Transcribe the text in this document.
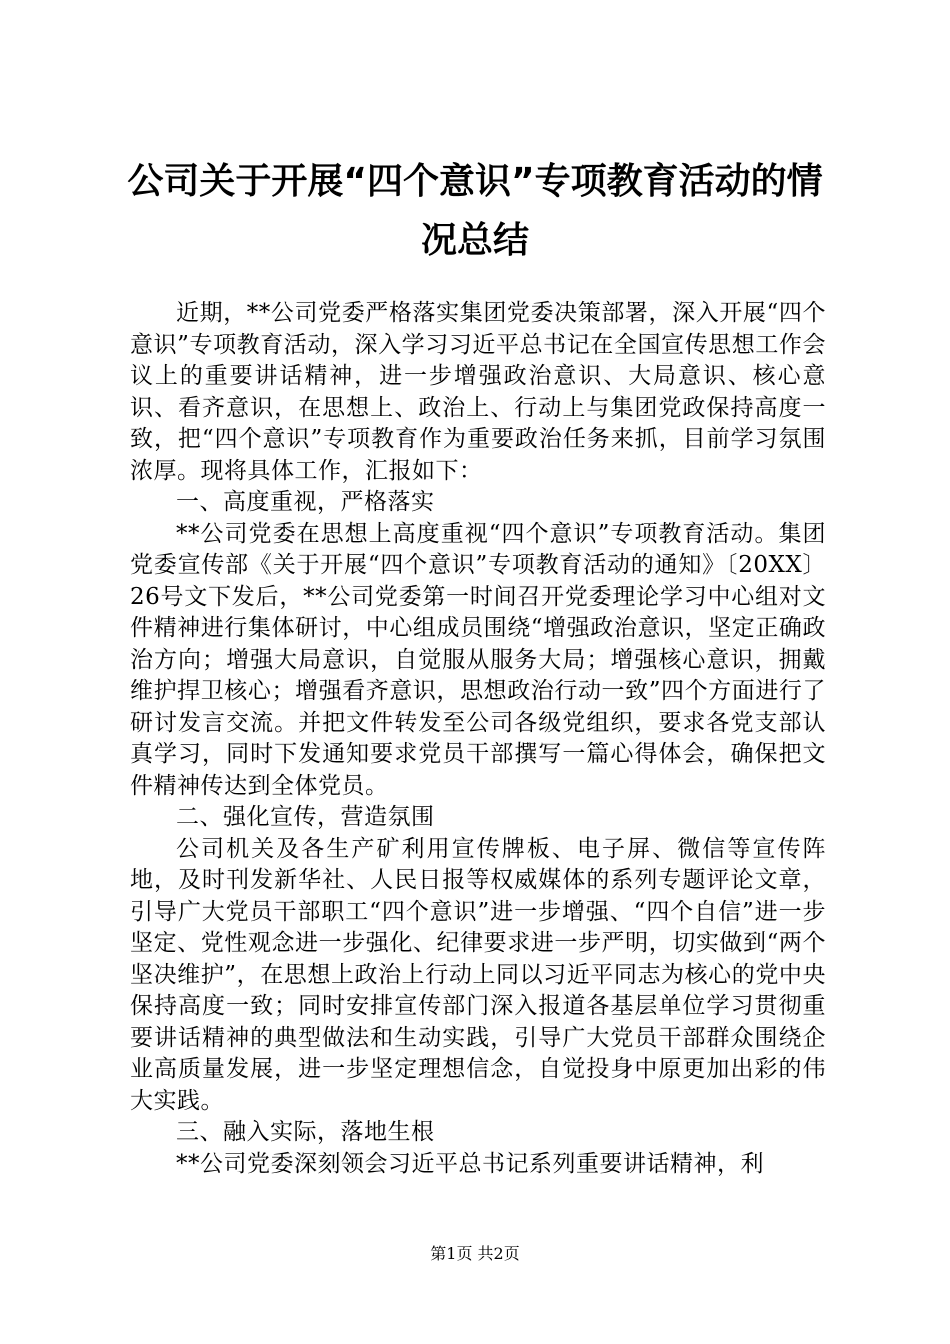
公司关于开展“四个意识”专项教育活动的情
况总结

近期，**公司党委严格落实集团党委决策部署，深入开展“四个意识”专项教育活动，深入学习习近平总书记在全国宣传思想工作会议上的重要讲话精神，进一步增强政治意识、大局意识、核心意识、看齐意识，在思想上、政治上、行动上与集团党政保持高度一致，把“四个意识”专项教育作为重要政治任务来抓，目前学习氛围浓厚。现将具体工作，汇报如下：

一、高度重视，严格落实

**公司党委在思想上高度重视“四个意识”专项教育活动。集团党委宣传部《关于开展“四个意识”专项教育活动的通知》〔20XX〕26号文下发后，**公司党委第一时间召开党委理论学习中心组对文件精神进行集体研讨，中心组成员围绕“增强政治意识，坚定正确政治方向；增强大局意识，自觉服从服务大局；增强核心意识，拥戴维护捍卫核心；增强看齐意识，思想政治行动一致”四个方面进行了研讨发言交流。并把文件转发至公司各级党组织，要求各党支部认真学习，同时下发通知要求党员干部撰写一篇心得体会，确保把文件精神传达到全体党员。

二、强化宣传，营造氛围

公司机关及各生产矿利用宣传牌板、电子屏、微信等宣传阵地，及时刊发新华社、人民日报等权威媒体的系列专题评论文章，引导广大党员干部职工“四个意识”进一步增强、“四个自信”进一步坚定、党性观念进一步强化、纪律要求进一步严明，切实做到“两个坚决维护”，在思想上政治上行动上同以习近平同志为核心的党中央保持高度一致；同时安排宣传部门深入报道各基层单位学习贯彻重要讲话精神的典型做法和生动实践，引导广大党员干部群众围绕企业高质量发展，进一步坚定理想信念，自觉投身中原更加出彩的伟大实践。

三、融入实际，落地生根

**公司党委深刻领会习近平总书记系列重要讲话精神，利

第1页 共2页
